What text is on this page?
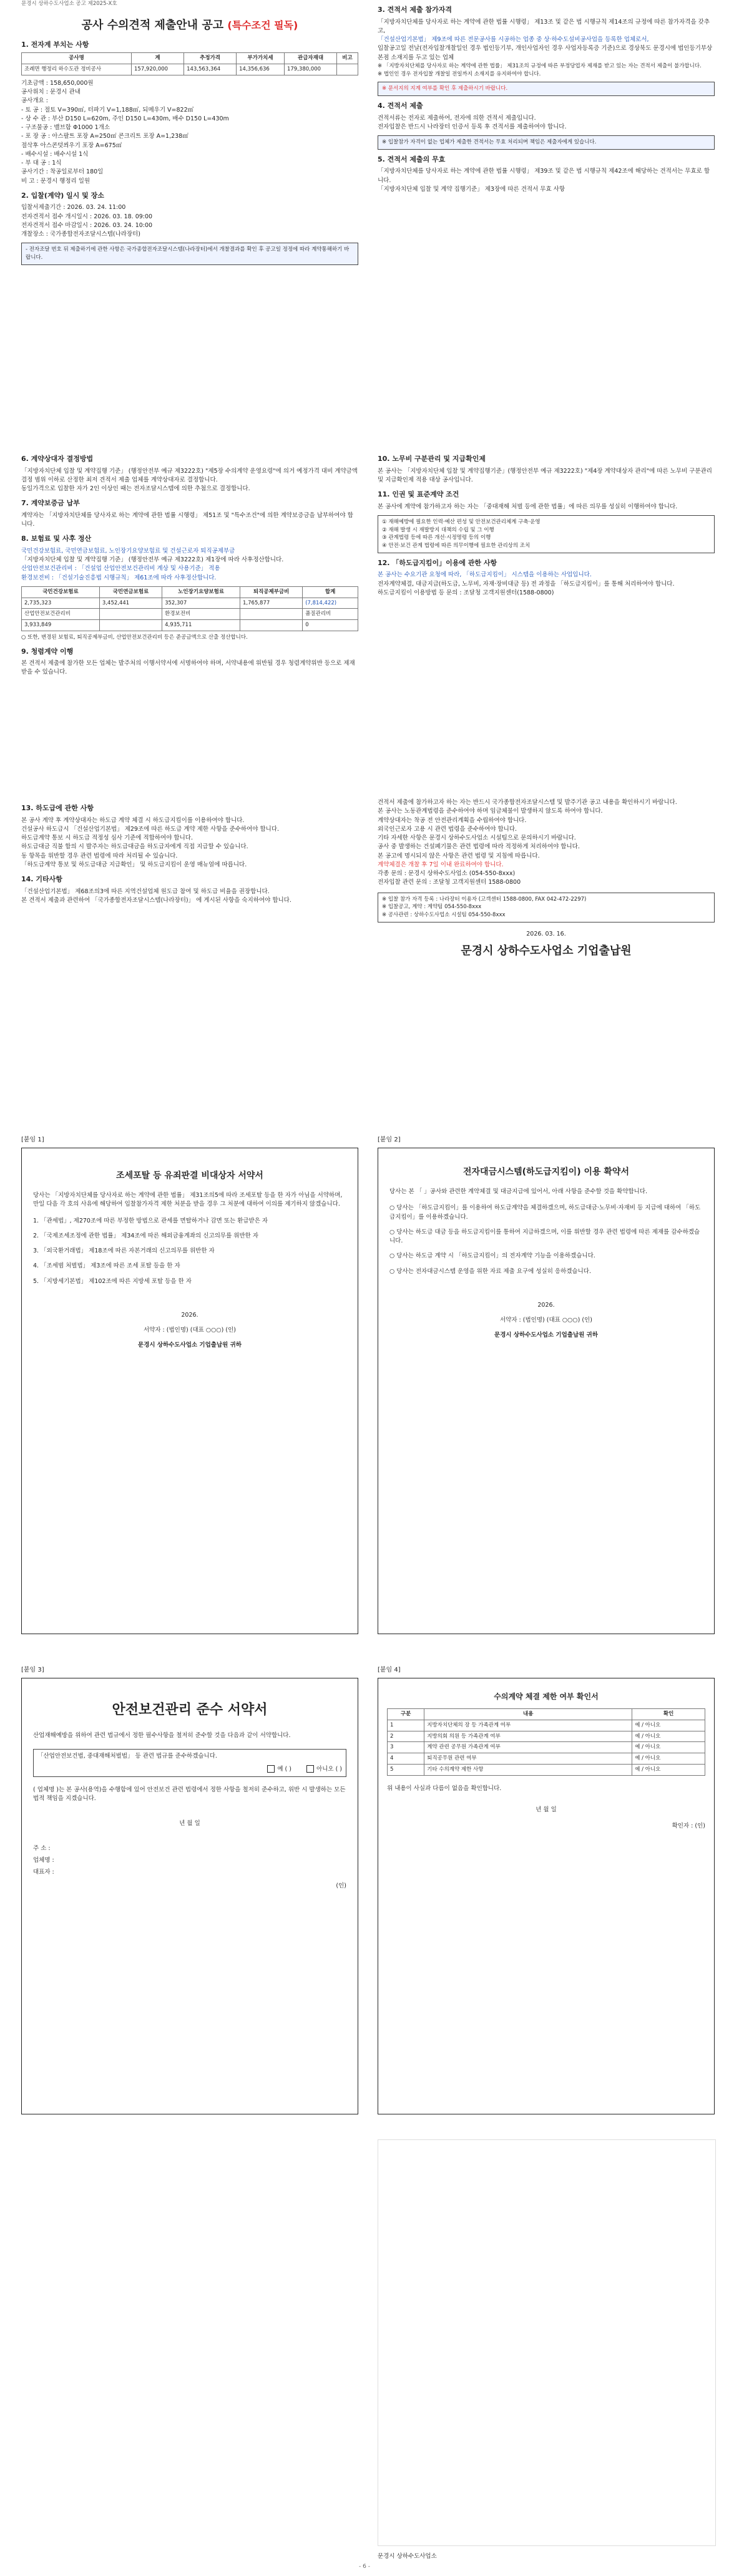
문경시 상하수도사업소 공고 제2025-X호
공사 수의견적 제출안내 공고 (특수조건 필독)
1. 전자계 부치는 사항
공사명	계	추정가격	부가가치세	관급자재대	비고
조례면 행정리 하수도관 정비공사	157,920,000	143,563,364	14,356,636	179,380,000	
기초금액 : 158,650,000원
공사위치 : 문경시 관내
공사개요 :
- 토 공 : 절토 V=390㎥, 터파기 V=1,188㎥, 되메우기 V=822㎥
- 상 수 관 : 부산 D150 L=620m, 주인 D150 L=430m, 배수 D150 L=430m
- 구조물공 : 밸브함 Φ1000 1개소
- 포 장 공 : 아스팔트 포장 A=250㎡ 콘크리트 포장 A=1,238㎡
절삭후 아스콘덧씌우기 포장 A=675㎡
- 배수시설 : 배수시설 1식
- 부 대 공 : 1식
공사기간 : 착공일로부터 180일
비 고 : 문경시 행정리 일원
2. 입찰(계약) 일시 및 장소
입찰서제출기간 : 2026. 03. 24. 11:00
전자견적서 접수 개시일시 : 2026. 03. 18. 09:00
전자견적서 접수 마감일시 : 2026. 03. 24. 10:00
개찰장소 : 국가종합전자조달시스템(나라장터)
- 전자조달 번호 뒤 제출하기에 관한 사항은 국가종합전자조달시스템(나라장터)에서 개찰결과를 확인 후 공고일 정정에 따라 계약통해하기 바랍니다.
3. 견적서 제출 참가자격
「지방자치단체를 당사자로 하는 계약에 관한 법률 시행령」 제13조 및 같은 법 시행규칙 제14조의 규정에 따른 참가자격을 갖추고,
「건설산업기본법」 제9조에 따른 전문공사를 시공하는 업종 중 상·하수도설비공사업을 등록한 업체로서,
입찰공고일 전날(전자입찰개찰일인 경우 법인등기부, 개인사업자인 경우 사업자등록증 기준)으로 경상북도 문경시에 법인등기부상 본점 소재지를 두고 있는 업체
※ 「지방자치단체를 당사자로 하는 계약에 관한 법률」 제31조의 규정에 따른 부정당업자 제재를 받고 있는 자는 견적서 제출이 불가합니다.
※ 법인인 경우 전자입찰 개찰일 전일까지 소재지를 유지하여야 합니다.
※ 문서지의 지계 여부를 확인 후 제출하시기 바랍니다.
4. 견적서 제출
견적서류는 전자로 제출하여, 전자에 의한 견적서 제출입니다.
전자입찰은 반드시 나라장터 인증서 등록 후 견적서를 제출하여야 합니다.
※ 입찰참가 자격이 없는 업체가 제출한 견적서는 무효 처리되며 책임은 제출자에게 있습니다.
5. 견적서 제출의 무효
「지방자치단체를 당사자로 하는 계약에 관한 법률 시행령」 제39조 및 같은 법 시행규칙 제42조에 해당하는 견적서는 무효로 합니다.
「지방자치단체 입찰 및 계약 집행기준」 제3장에 따른 견적서 무효 사항
6. 계약상대자 결정방법
「지방자치단체 입찰 및 계약집행 기준」 (행정안전부 예규 제3222호) "제5장 수의계약 운영요령"에 의거 예정가격 대비 계약금액 결정 범위 이하로 산정한 최저 견적서 제출 업체를 계약상대자로 결정합니다.
동일가격으로 입찰한 자가 2인 이상인 때는 전자조달시스템에 의한 추첨으로 결정합니다.
7. 계약보증금 납부
계약자는 「지방자치단체를 당사자로 하는 계약에 관한 법률 시행령」 제51조 및 "특수조건"에 의한 계약보증금을 납부하여야 합니다.
8. 보험료 및 사후 정산
국민건강보험료, 국민연금보험료, 노인장기요양보험료 및 건설근로자 퇴직공제부금
「지방자치단체 입찰 및 계약집행 기준」 (행정안전부 예규 제3222호) 제1장에 따라 사후정산합니다.
산업안전보건관리비 : 「건설업 산업안전보건관리비 계상 및 사용기준」 적용
환경보전비 : 「건설기술진흥법 시행규칙」 제61조에 따라 사후정산합니다.
국민건강보험료	국민연금보험료	노인장기요양보험료	퇴직공제부금비	합계
2,735,323	3,452,441	352,307	1,765,877	(7,814,422)
산업안전보건관리비		환경보전비		품질관리비
3,933,849		4,935,711		0
○ 또한, 변경된 보험료, 퇴직공제부금비, 산업안전보건관리비 등은 준공금액으로 산출 정산합니다.
9. 청렴계약 이행
본 견적서 제출에 참가한 모든 업체는 발주처의 이행서약서에 서명하여야 하며, 서약내용에 위반될 경우 청렴계약위반 등으로 제재받을 수 있습니다.
10. 노무비 구분관리 및 지급확인제
본 공사는 「지방자치단체 입찰 및 계약집행기준」(행정안전부 예규 제3222호) "제4장 계약대상자 관리"에 따른 노무비 구분관리 및 지급확인제 적용 대상 공사입니다.
11. 인권 및 표준계약 조건
본 공사에 계약에 참가하고자 하는 자는 「중대재해 처벌 등에 관한 법률」에 따른 의무를 성실히 이행하여야 합니다.
① 재해예방에 필요한 인력·예산 편성 및 안전보건관리체계 구축·운영
② 재해 발생 시 재발방지 대책의 수립 및 그 이행
③ 관계법령 등에 따른 개선·시정명령 등의 이행
④ 안전·보건 관계 법령에 따른 의무이행에 필요한 관리상의 조치
12. 「하도급지킴이」이용에 관한 사항
본 공사는 수요기관 요청에 따라, 「하도급지킴이」 시스템을 이용하는 사업입니다.
전자계약체결, 대금지급(하도급, 노무비, 자재·장비대금 등) 전 과정을 「하도급지킴이」를 통해 처리하여야 합니다.
하도급지킴이 이용방법 등 문의 : 조달청 고객지원센터(1588-0800)
13. 하도급에 관한 사항
본 공사 계약 후 계약상대자는 하도급 계약 체결 시 하도급지킴이를 이용하여야 합니다.
건설공사 하도급시 「건설산업기본법」 제29조에 따른 하도급 계약 제한 사항을 준수하여야 합니다.
하도급계약 통보 시 하도급 적정성 심사 기준에 적합하여야 합니다.
하도급대금 직불 합의 시 발주자는 하도급대금을 하도급자에게 직접 지급할 수 있습니다.
동 항목을 위반할 경우 관련 법령에 따라 처리될 수 있습니다.
「하도급계약 통보 및 하도급대금 지급확인」 및 하도급지킴이 운영 매뉴얼에 따릅니다.
14. 기타사항
「건설산업기본법」 제68조의3에 따른 지역건설업체 원도급 참여 및 하도급 비율을 권장합니다.
본 견적서 제출과 관련하여 「국가종합전자조달시스템(나라장터)」 에 게시된 사항을 숙지하여야 합니다.
견적서 제출에 참가하고자 하는 자는 반드시 국가종합전자조달시스템 및 발주기관 공고 내용을 확인하시기 바랍니다.
본 공사는 노동관계법령을 준수하여야 하며 임금체불이 발생하지 않도록 하여야 합니다.
계약상대자는 착공 전 안전관리계획을 수립하여야 합니다.
외국인근로자 고용 시 관련 법령을 준수하여야 합니다.
기타 자세한 사항은 문경시 상하수도사업소 시설팀으로 문의하시기 바랍니다.
공사 중 발생하는 건설폐기물은 관련 법령에 따라 적정하게 처리하여야 합니다.
본 공고에 명시되지 않은 사항은 관련 법령 및 지침에 따릅니다.
계약체결은 개찰 후 7일 이내 완료하여야 합니다.
각종 문의 : 문경시 상하수도사업소 (054-550-8xxx)
전자입찰 관련 문의 : 조달청 고객지원센터 1588-0800
※ 입찰 참가 자격 등록 : 나라장터 이용자 (고객센터 1588-0800, FAX 042-472-2297)
※ 입찰공고, 계약 : 계약팀 054-550-8xxx
※ 공사관련 : 상하수도사업소 시설팀 054-550-8xxx
2026. 03. 16.
문경시 상하수도사업소 기업출납원
[붙임 1]
조세포탈 등 유죄판결 비대상자 서약서
당사는 「지방자치단체를 당사자로 하는 계약에 관한 법률」 제31조의5에 따라 조세포탈 등을 한 자가 아님을 서약하며, 만일 다음 각 호의 사유에 해당하여 입찰참가자격 제한 처분을 받을 경우 그 처분에 대하여 이의를 제기하지 않겠습니다.
1. 「관세법」, 제270조에 따른 부정한 방법으로 관세를 면탈하거나 감면 또는 환급받은 자
2. 「국제조세조정에 관한 법률」 제34조에 따른 해외금융계좌의 신고의무를 위반한 자
3. 「외국환거래법」 제18조에 따른 자본거래의 신고의무를 위반한 자
4. 「조세범 처벌법」 제3조에 따른 조세 포탈 등을 한 자
5. 「지방세기본법」 제102조에 따른 지방세 포탈 등을 한 자
2026.
서약자 : (법인명) (대표 ○○○) (인)
문경시 상하수도사업소 기업출납원 귀하
[붙임 2]
전자대금시스템(하도급지킴이) 이용 확약서
당사는 본 「 」공사와 관련한 계약체결 및 대금지급에 있어서, 아래 사항을 준수할 것을 확약합니다.
○ 당사는 「하도급지킴이」를 이용하여 하도급계약을 체결하겠으며, 하도급대금·노무비·자재비 등 지급에 대하여 「하도급지킴이」를 이용하겠습니다.
○ 당사는 하도급 대금 등을 하도급지킴이를 통하여 지급하겠으며, 이를 위반할 경우 관련 법령에 따른 제재를 감수하겠습니다.
○ 당사는 하도급 계약 시 「하도급지킴이」의 전자계약 기능을 이용하겠습니다.
○ 당사는 전자대금시스템 운영을 위한 자료 제출 요구에 성실히 응하겠습니다.
2026.
서약자 : (법인명) (대표 ○○○) (인)
문경시 상하수도사업소 기업출납원 귀하
[붙임 3]
안전보건관리 준수 서약서
산업재해예방을 위하여 관련 법규에서 정한 필수사항을 철저히 준수할 것을 다음과 같이 서약합니다.
「산업안전보건법, 중대재해처벌법」 등 관련 법규를 준수하겠습니다.
예 ( )	아니오 ( )
( 업체명 )는 본 공사(용역)을 수행함에 있어 안전보건 관련 법령에서 정한 사항을 철저히 준수하고, 위반 시 발생하는 모든 법적 책임을 지겠습니다.
년 월 일
주 소 :
업체명 :
대표자 :
(인)
[붙임 4]
수의계약 체결 제한 여부 확인서
구분	내용	확인
1	지방자치단체의 장 등 가족관계 여부	예 / 아니오
2	지방의회 의원 등 가족관계 여부	예 / 아니오
3	계약 관련 공무원 가족관계 여부	예 / 아니오
4	퇴직공무원 관련 여부	예 / 아니오
5	기타 수의계약 제한 사항	예 / 아니오
위 내용이 사실과 다름이 없음을 확인합니다.
년 월 일
확인자 : (인)
문경시 상하수도사업소
- 6 -
